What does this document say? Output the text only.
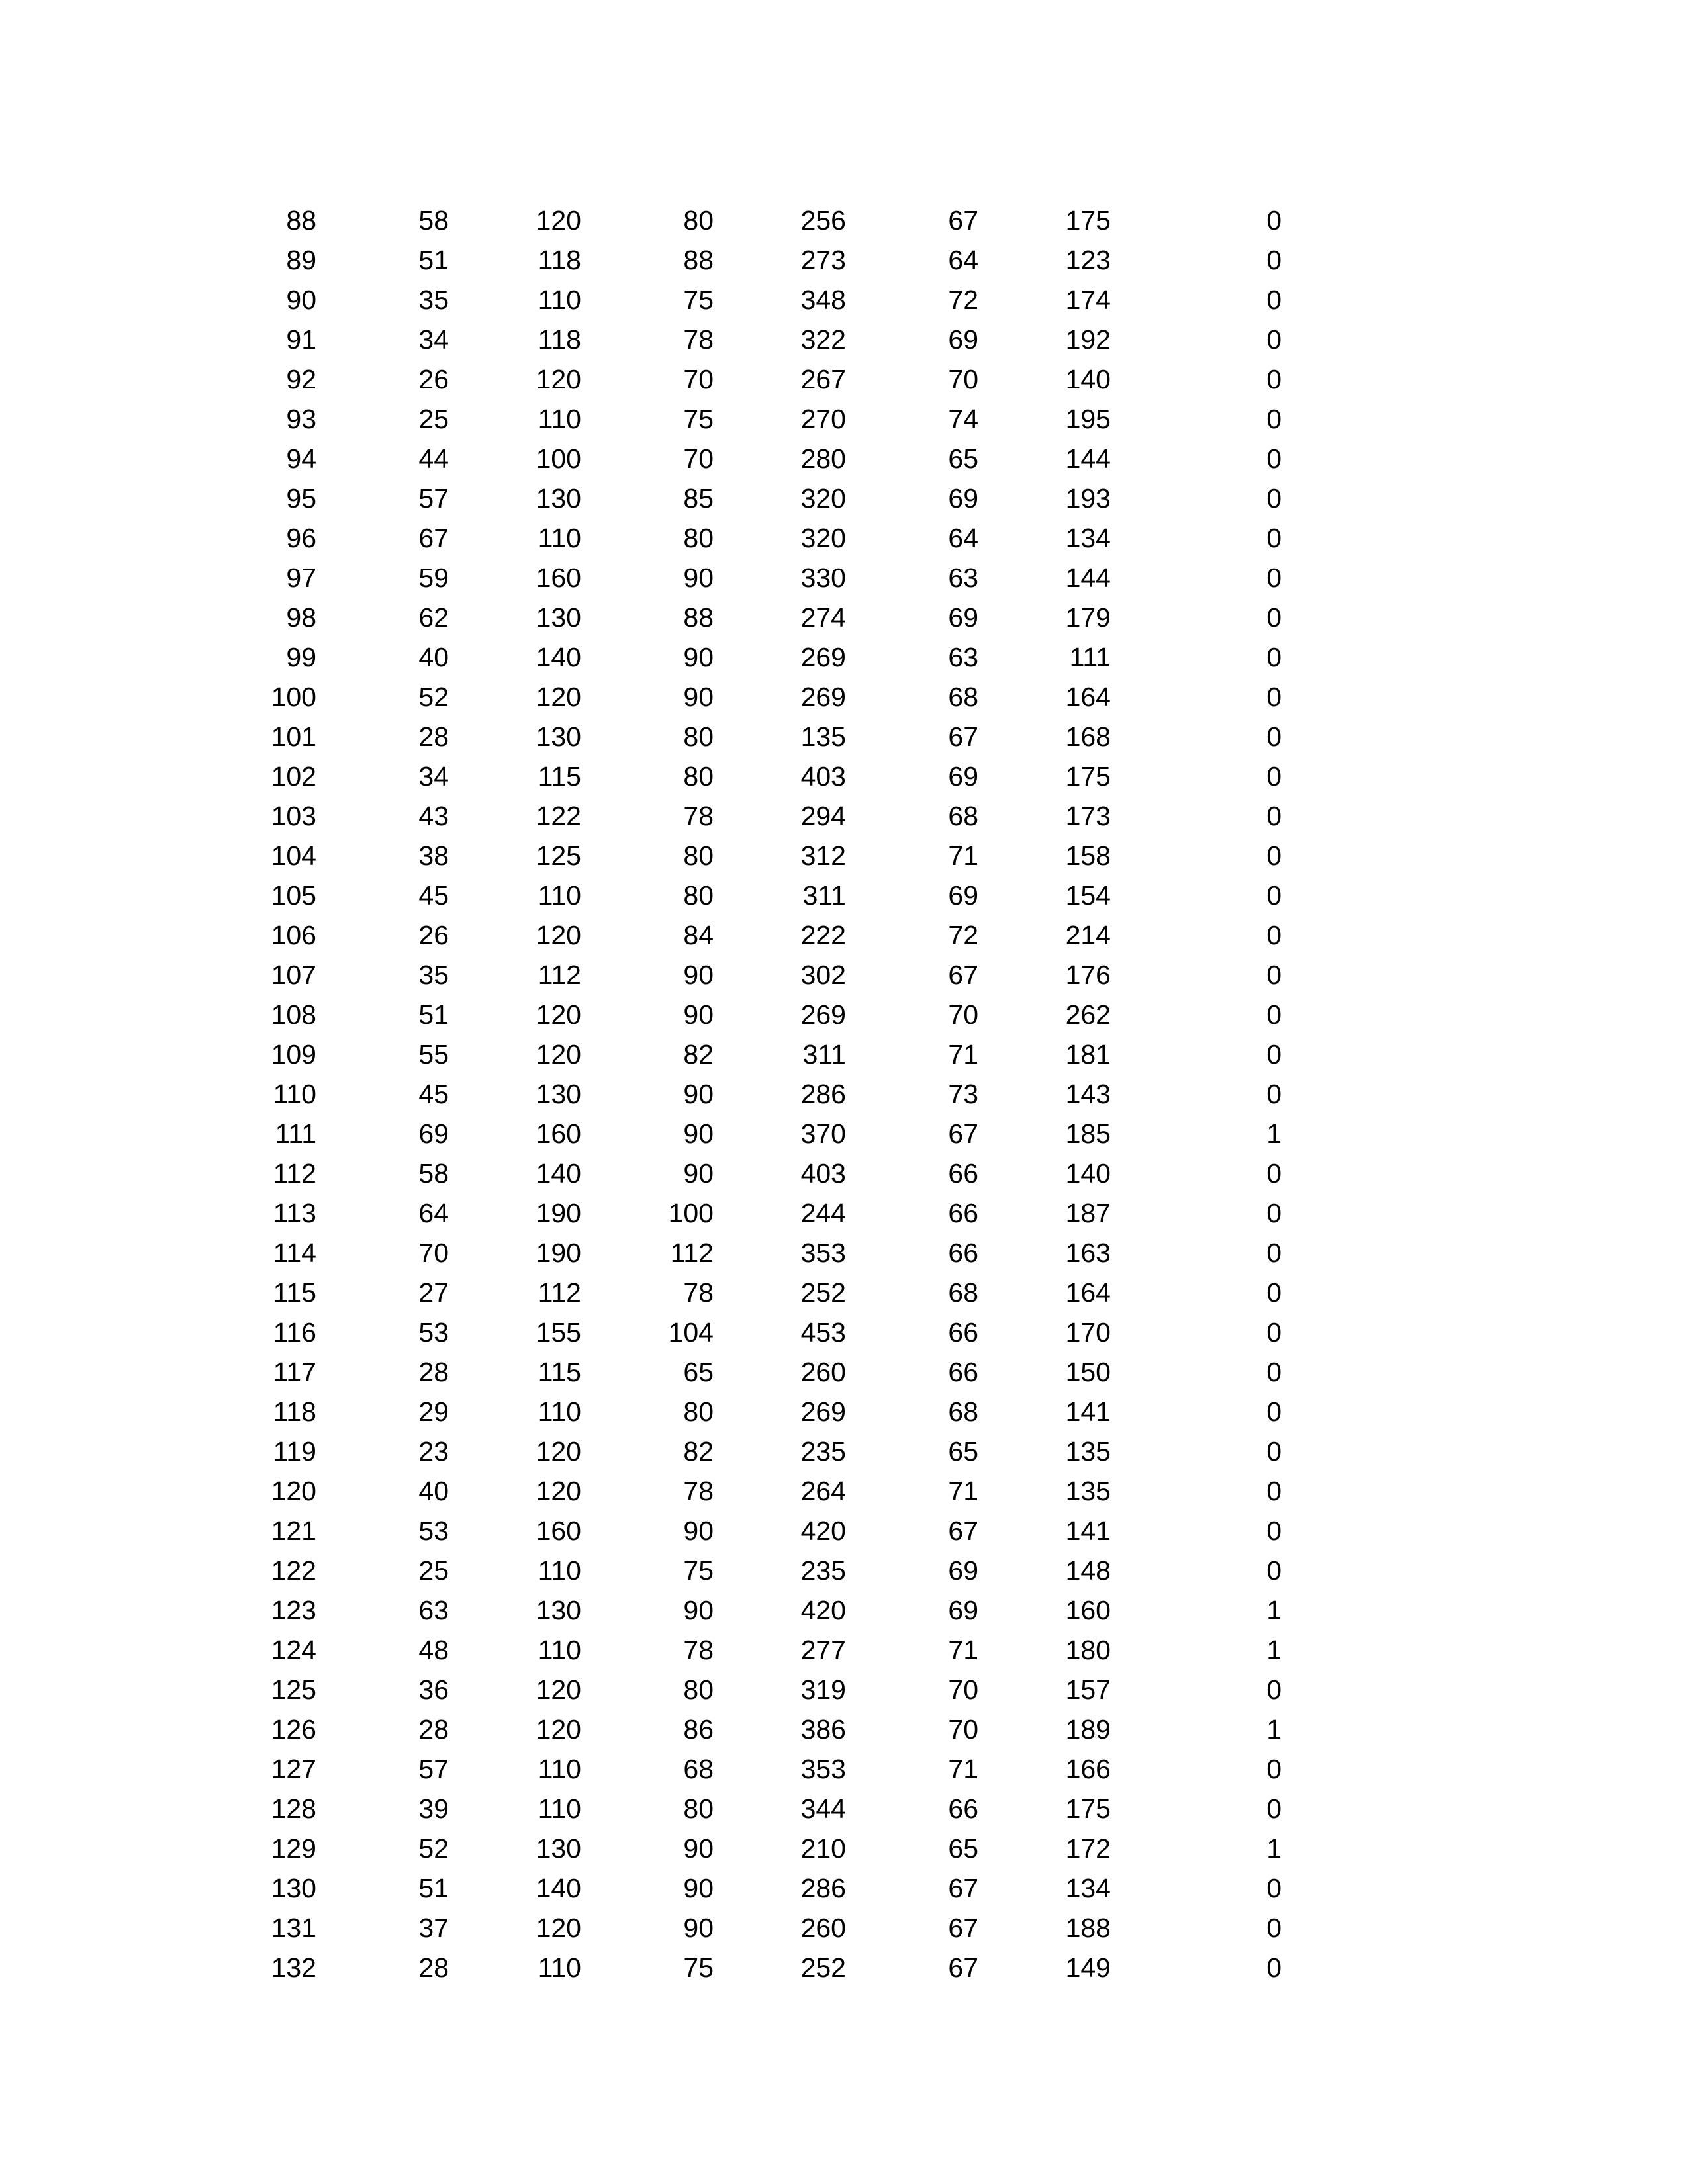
88	58	120	80	256	67	175	0
89	51	118	88	273	64	123	0
90	35	110	75	348	72	174	0
91	34	118	78	322	69	192	0
92	26	120	70	267	70	140	0
93	25	110	75	270	74	195	0
94	44	100	70	280	65	144	0
95	57	130	85	320	69	193	0
96	67	110	80	320	64	134	0
97	59	160	90	330	63	144	0
98	62	130	88	274	69	179	0
99	40	140	90	269	63	111	0
100	52	120	90	269	68	164	0
101	28	130	80	135	67	168	0
102	34	115	80	403	69	175	0
103	43	122	78	294	68	173	0
104	38	125	80	312	71	158	0
105	45	110	80	311	69	154	0
106	26	120	84	222	72	214	0
107	35	112	90	302	67	176	0
108	51	120	90	269	70	262	0
109	55	120	82	311	71	181	0
110	45	130	90	286	73	143	0
111	69	160	90	370	67	185	1
112	58	140	90	403	66	140	0
113	64	190	100	244	66	187	0
114	70	190	112	353	66	163	0
115	27	112	78	252	68	164	0
116	53	155	104	453	66	170	0
117	28	115	65	260	66	150	0
118	29	110	80	269	68	141	0
119	23	120	82	235	65	135	0
120	40	120	78	264	71	135	0
121	53	160	90	420	67	141	0
122	25	110	75	235	69	148	0
123	63	130	90	420	69	160	1
124	48	110	78	277	71	180	1
125	36	120	80	319	70	157	0
126	28	120	86	386	70	189	1
127	57	110	68	353	71	166	0
128	39	110	80	344	66	175	0
129	52	130	90	210	65	172	1
130	51	140	90	286	67	134	0
131	37	120	90	260	67	188	0
132	28	110	75	252	67	149	0
